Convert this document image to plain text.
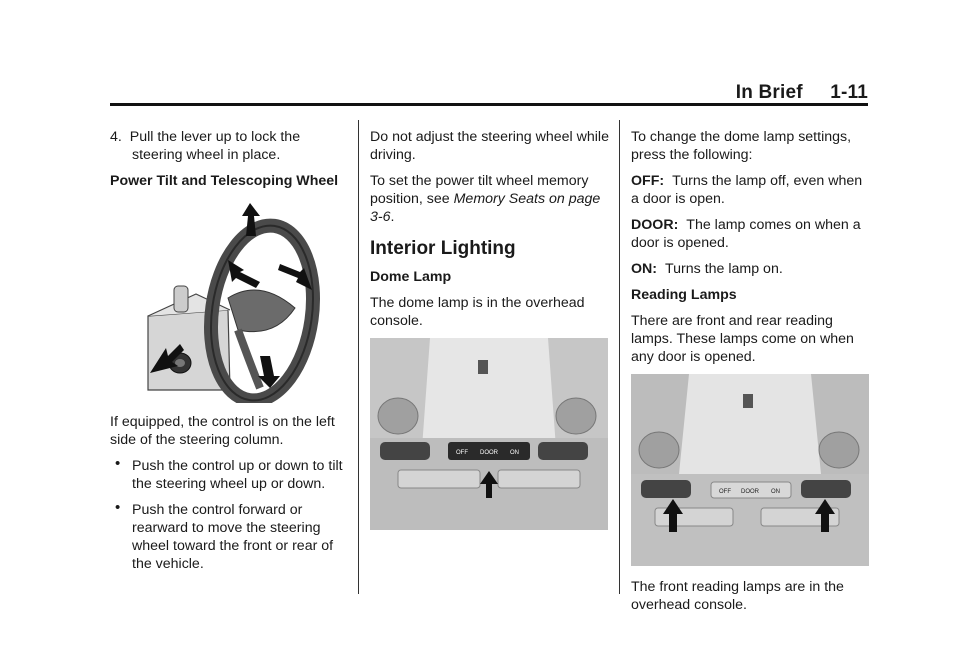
In Brief 1-11

4. Pull the lever up to lock the steering wheel in place.

Power Tilt and Telescoping Wheel

If equipped, the control is on the left side of the steering column.

• Push the control up or down to tilt the steering wheel up or down.
• Push the control forward or rearward to move the steering wheel toward the front or rear of the vehicle.

Do not adjust the steering wheel while driving.

To set the power tilt wheel memory position, see Memory Seats on page 3-6.

Interior Lighting

Dome Lamp

The dome lamp is in the overhead console.

OFF DOOR ON

To change the dome lamp settings, press the following:

OFF: Turns the lamp off, even when a door is open.

DOOR: The lamp comes on when a door is opened.

ON: Turns the lamp on.

Reading Lamps

There are front and rear reading lamps. These lamps come on when any door is opened.

OFF DOOR ON

The front reading lamps are in the overhead console.
